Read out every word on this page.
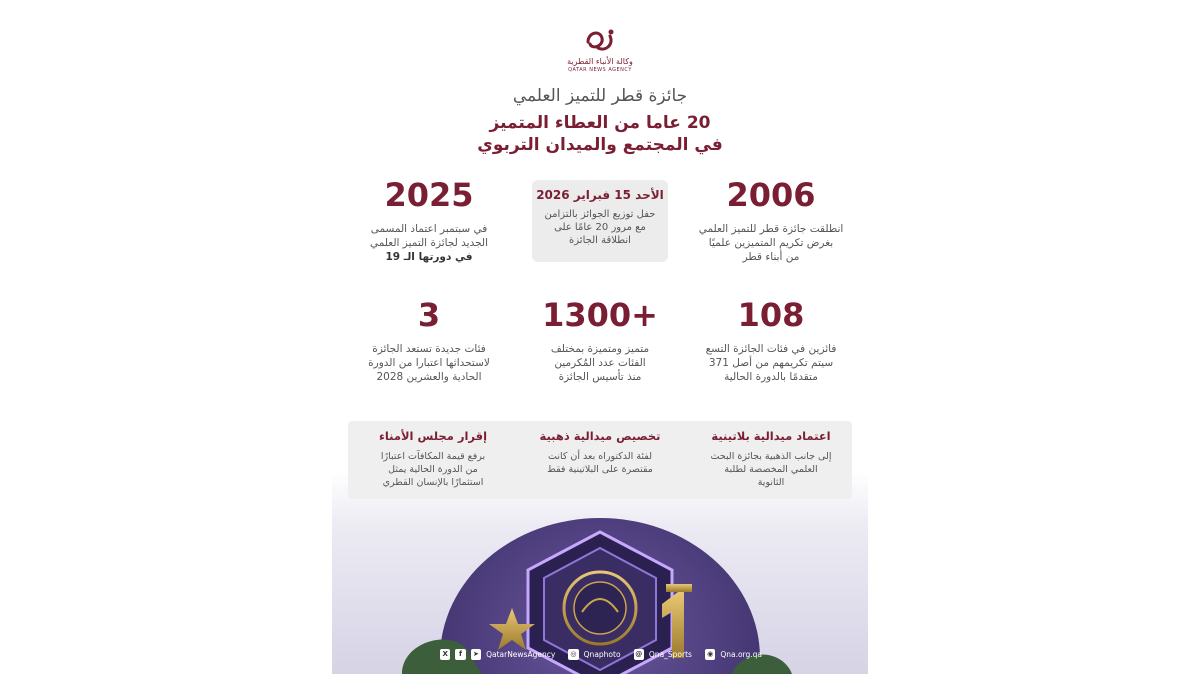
وكالة الأنباء القطرية
QATAR NEWS AGENCY
جائزة قطر للتميز العلمي
20 عاما من العطاء المتميز
في المجتمع والميدان التربوي
2006
انطلقت جائزة قطر للتميز العلمي
بغرض تكريم المتميزين علميًا
من أبناء قطر
الأحد 15 فبراير 2026
حفل توزيع الجوائز بالتزامن
مع مرور 20 عامًا على
انطلاقة الجائزة
2025
في سبتمبر اعتماد المسمى
الجديد لجائزة التميز العلمي
في دورتها الـ 19
108
فائزين في فئات الجائزة التسع
سيتم تكريمهم من أصل 371
متقدمًا بالدورة الحالية
1300+
متميز ومتميزة بمختلف
الفئات عدد المُكرمين
منذ تأسيس الجائزة
3
فئات جديدة تستعد الجائزة
لاستحداثها اعتبارا من الدورة
الحادية والعشرين 2028
اعتماد ميدالية بلاتينية
إلى جانب الذهبية بجائزة البحث
العلمي المخصصة لطلبة
الثانوية
تخصيص ميدالية ذهبية
لفئة الدكتوراه بعد أن كانت
مقتصرة على البلاتينية فقط
إقرار مجلس الأمناء
برفع قيمة المكافآت اعتبارًا
من الدورة الحالية يمثل
استثمارًا بالإنسان القطري
X	f	➤ QatarNewsAgency	◎ Qnaphoto @ Qna_Sports	◉ Qna.org.qa
